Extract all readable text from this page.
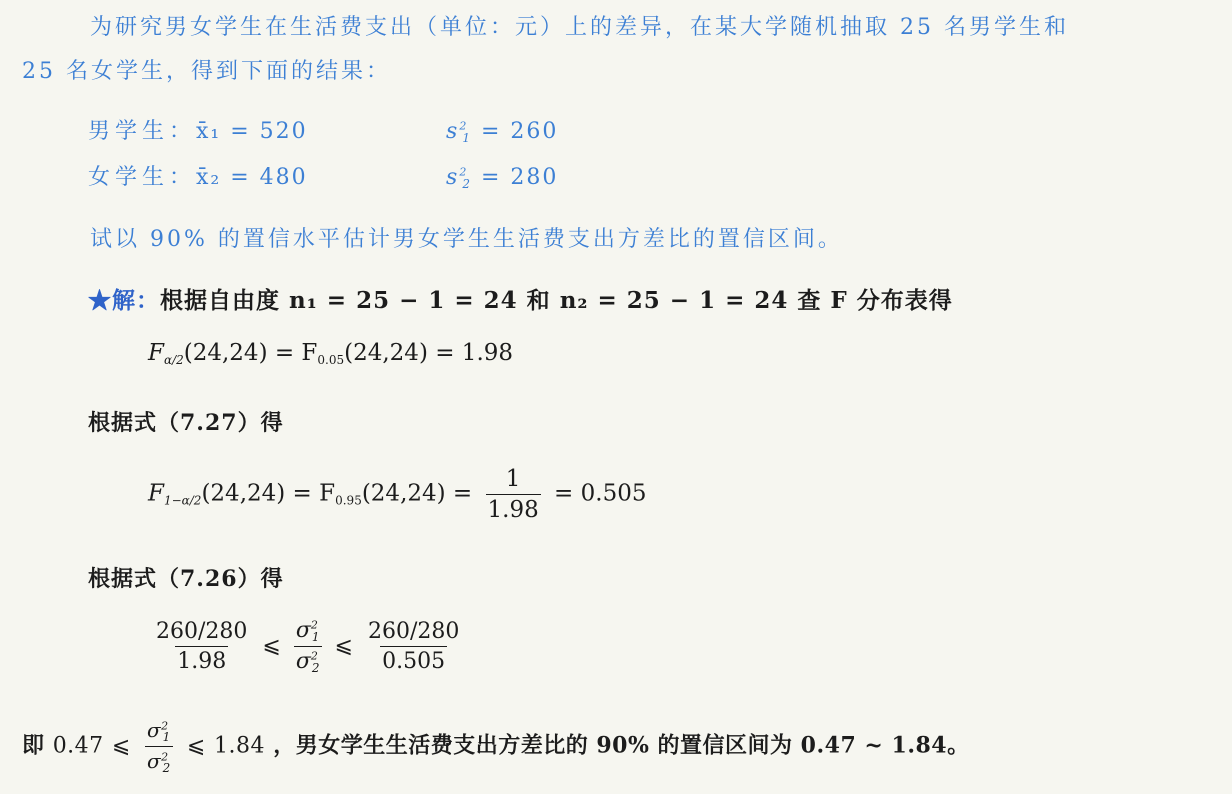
为研究男女学生在生活费支出（单位：元）上的差异，在某大学随机抽取 25 名男学生和
25 名女学生，得到下面的结果：
男学生：x̄₁ = 520	$s^2_1 = 260$
女学生：x̄₂ = 480	$s^2_2 = 280$
试以 90% 的置信水平估计男女学生生活费支出方差比的置信区间。
★解：根据自由度 n₁ = 25 − 1 = 24 和 n₂ = 25 − 1 = 24 查 F 分布表得
$F_{\alpha/2}(24,24) = F_{0.05}(24,24) = 1.98$
根据式（7.27）得
$F_{1-\alpha/2}(24,24) = F_{0.95}(24,24) = \frac{1}{1.98} = 0.505$
根据式（7.26）得
$\frac{260/280}{1.98}$ ⩽ $\frac{\sigma^2_1}{\sigma^2_2}$ ⩽ $\frac{260/280}{0.505}$
即 0.47 ⩽ $\frac{\sigma^2_1}{\sigma^2_2}$ ⩽ 1.84 ，男女学生生活费支出方差比的 90% 的置信区间为 0.47 ~ 1.84。
